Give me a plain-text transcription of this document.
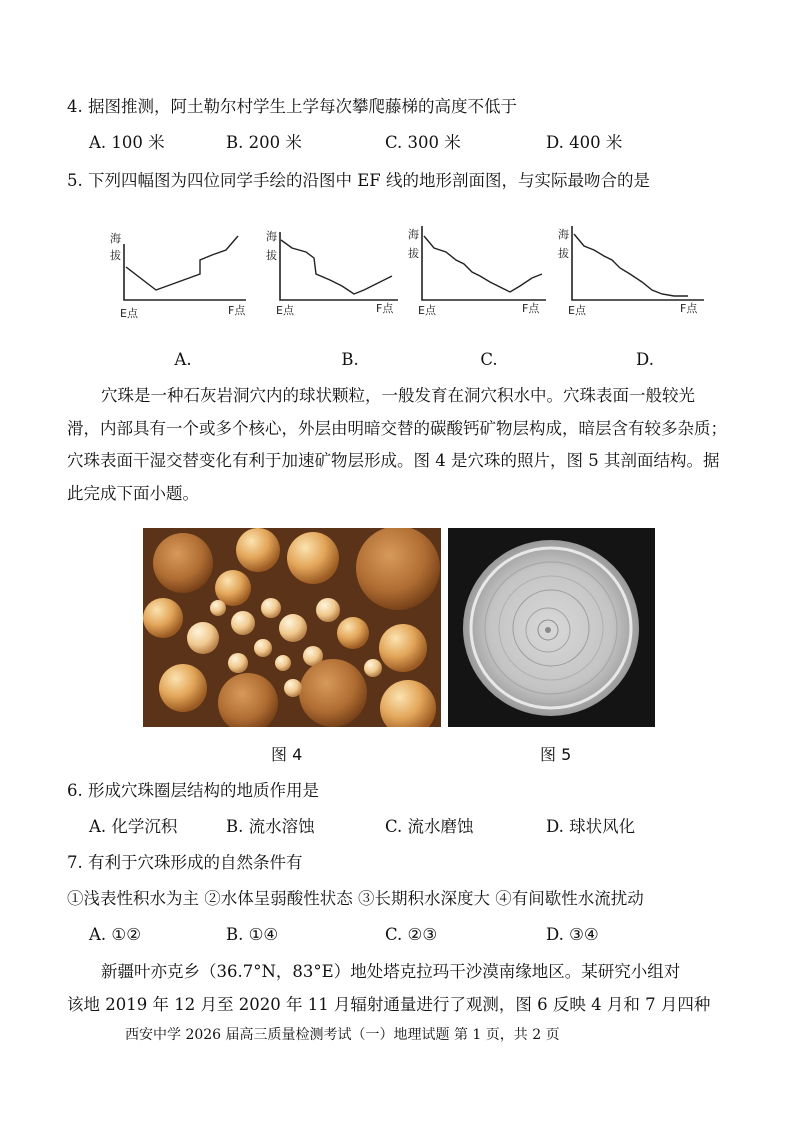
4. 据图推测，阿土勒尔村学生上学每次攀爬藤梯的高度不低于
A. 100 米	B. 200 米	C. 300 米	D. 400 米
5. 下列四幅图为四位同学手绘的沿图中 EF 线的地形剖面图，与实际最吻合的是
海
拔
E点	F点
海
拔
E点	F点
海
拔
E点	F点
海
拔
E点	F点
A.	B.	C.	D.
穴珠是一种石灰岩洞穴内的球状颗粒，一般发育在洞穴积水中。穴珠表面一般较光滑，内部具有一个或多个核心，外层由明暗交替的碳酸钙矿物层构成，暗层含有较多杂质；穴珠表面干湿交替变化有利于加速矿物层形成。图 4 是穴珠的照片，图 5 其剖面结构。据此完成下面小题。
图 4	图 5
6. 形成穴珠圈层结构的地质作用是
A. 化学沉积	B. 流水溶蚀	C. 流水磨蚀	D. 球状风化
7. 有利于穴珠形成的自然条件有
①浅表性积水为主 ②水体呈弱酸性状态 ③长期积水深度大 ④有间歇性水流扰动
A. ①②	B. ①④	C. ②③	D. ③④
新疆叶亦克乡（36.7°N，83°E）地处塔克拉玛干沙漠南缘地区。某研究小组对
该地 2019 年 12 月至 2020 年 11 月辐射通量进行了观测，图 6 反映 4 月和 7 月四种
西安中学 2026 届高三质量检测考试（一）地理试题 第 1 页，共 2 页
